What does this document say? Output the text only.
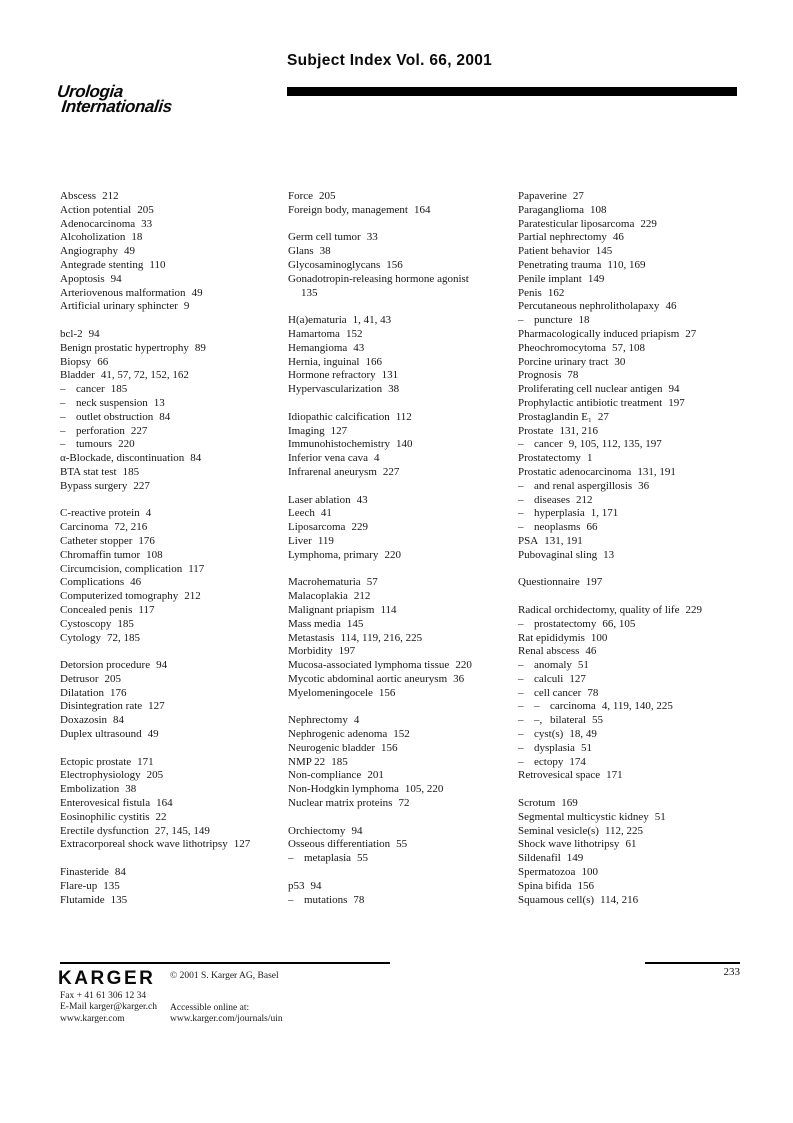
Subject Index Vol. 66, 2001
Urologia
Internationalis
Abscess 212
Action potential 205
Adenocarcinoma 33
Alcoholization 18
Angiography 49
Antegrade stenting 110
Apoptosis 94
Arteriovenous malformation 49
Artificial urinary sphincter 9
bcl-2 94
Benign prostatic hypertrophy 89
Biopsy 66
Bladder 41, 57, 72, 152, 162
– cancer 185
– neck suspension 13
– outlet obstruction 84
– perforation 227
– tumours 220
α-Blockade, discontinuation 84
BTA stat test 185
Bypass surgery 227
C-reactive protein 4
Carcinoma 72, 216
Catheter stopper 176
Chromaffin tumor 108
Circumcision, complication 117
Complications 46
Computerized tomography 212
Concealed penis 117
Cystoscopy 185
Cytology 72, 185
Detorsion procedure 94
Detrusor 205
Dilatation 176
Disintegration rate 127
Doxazosin 84
Duplex ultrasound 49
Ectopic prostate 171
Electrophysiology 205
Embolization 38
Enterovesical fistula 164
Eosinophilic cystitis 22
Erectile dysfunction 27, 145, 149
Extracorporeal shock wave lithotripsy 127
Finasteride 84
Flare-up 135
Flutamide 135
Force 205
Foreign body, management 164
Germ cell tumor 33
Glans 38
Glycosaminoglycans 156
Gonadotropin-releasing hormone agonist
135
H(a)ematuria 1, 41, 43
Hamartoma 152
Hemangioma 43
Hernia, inguinal 166
Hormone refractory 131
Hypervascularization 38
Idiopathic calcification 112
Imaging 127
Immunohistochemistry 140
Inferior vena cava 4
Infrarenal aneurysm 227
Laser ablation 43
Leech 41
Liposarcoma 229
Liver 119
Lymphoma, primary 220
Macrohematuria 57
Malacoplakia 212
Malignant priapism 114
Mass media 145
Metastasis 114, 119, 216, 225
Morbidity 197
Mucosa-associated lymphoma tissue 220
Mycotic abdominal aortic aneurysm 36
Myelomeningocele 156
Nephrectomy 4
Nephrogenic adenoma 152
Neurogenic bladder 156
NMP 22 185
Non-compliance 201
Non-Hodgkin lymphoma 105, 220
Nuclear matrix proteins 72
Orchiectomy 94
Osseous differentiation 55
– metaplasia 55
p53 94
– mutations 78
Papaverine 27
Paraganglioma 108
Paratesticular liposarcoma 229
Partial nephrectomy 46
Patient behavior 145
Penetrating trauma 110, 169
Penile implant 149
Penis 162
Percutaneous nephrolitholapaxy 46
– puncture 18
Pharmacologically induced priapism 27
Pheochromocytoma 57, 108
Porcine urinary tract 30
Prognosis 78
Proliferating cell nuclear antigen 94
Prophylactic antibiotic treatment 197
Prostaglandin E₁ 27
Prostate 131, 216
– cancer 9, 105, 112, 135, 197
Prostatectomy 1
Prostatic adenocarcinoma 131, 191
– and renal aspergillosis 36
– diseases 212
– hyperplasia 1, 171
– neoplasms 66
PSA 131, 191
Pubovaginal sling 13
Questionnaire 197
Radical orchidectomy, quality of life 229
– prostatectomy 66, 105
Rat epididymis 100
Renal abscess 46
– anomaly 51
– calculi 127
– cell cancer 78
– – carcinoma 4, 119, 140, 225
– –, bilateral 55
– cyst(s) 18, 49
– dysplasia 51
– ectopy 174
Retrovesical space 171
Scrotum 169
Segmental multicystic kidney 51
Seminal vesicle(s) 112, 225
Shock wave lithotripsy 61
Sildenafil 149
Spermatozoa 100
Spina bifida 156
Squamous cell(s) 114, 216
KARGER © 2001 S. Karger AG, Basel
Fax + 41 61 306 12 34
E-Mail karger@karger.ch
www.karger.com
Accessible online at:
www.karger.com/journals/uin
233
